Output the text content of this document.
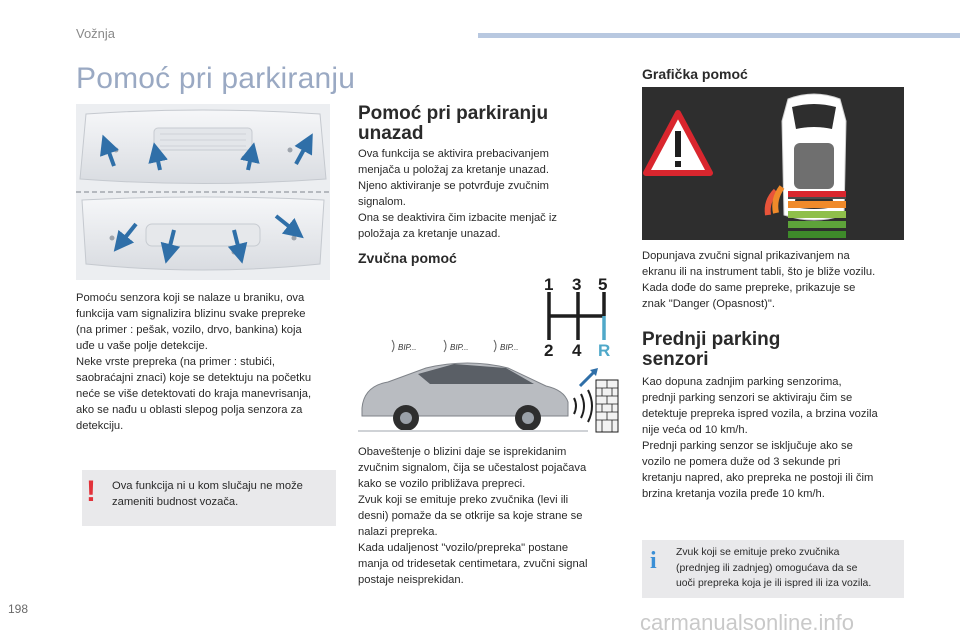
Vožnja
Pomoć pri parkiranju
Pomoću senzora koji se nalaze u braniku, ova
funkcija vam signalizira blizinu svake prepreke
(na primer : pešak, vozilo, drvo, bankina) koja
uđe u vaše polje detekcije.
Neke vrste prepreka (na primer : stubići,
saobraćajni znaci) koje se detektuju na početku
neće se više detektovati do kraja manevrisanja,
ako se nađu u oblasti slepog polja senzora za
detekciju.
!	Ova funkcija ni u kom slučaju ne može
zameniti budnost vozača.
Pomoć pri parkiranju
unazad
Ova funkcija se aktivira prebacivanjem
menjača u položaj za kretanje unazad.
Njeno aktiviranje se potvrđuje zvučnim
signalom.
Ona se deaktivira čim izbacite menjač iz
položaja za kretanje unazad.
Zvučna pomoć
1 3 5
2 4 R
BIP...	BIP...	BIP...
Obaveštenje o blizini daje se isprekidanim
zvučnim signalom, čija se učestalost pojačava
kako se vozilo približava prepreci.
Zvuk koji se emituje preko zvučnika (levi ili
desni) pomaže da se otkrije sa koje strane se
nalazi prepreka.
Kada udaljenost "vozilo/prepreka" postane
manja od tridesetak centimetara, zvučni signal
postaje neisprekidan.
Grafička pomoć
Dopunjava zvučni signal prikazivanjem na
ekranu ili na instrument tabli, što je bliže vozilu.
Kada dođe do same prepreke, prikazuje se
znak "Danger (Opasnost)".
Prednji parking
senzori
Kao dopuna zadnjim parking senzorima,
prednji parking senzori se aktiviraju čim se
detektuje prepreka ispred vozila, a brzina vozila
nije veća od 10 km/h.
Prednji parking senzor se isključuje ako se
vozilo ne pomera duže od 3 sekunde pri
kretanju napred, ako prepreka ne postoji ili čim
brzina kretanja vozila pređe 10 km/h.
i Zvuk koji se emituje preko zvučnika
(prednjeg ili zadnjeg) omogućava da se
uoči prepreka koja je ili ispred ili iza vozila.
198
carmanualsonline.info
